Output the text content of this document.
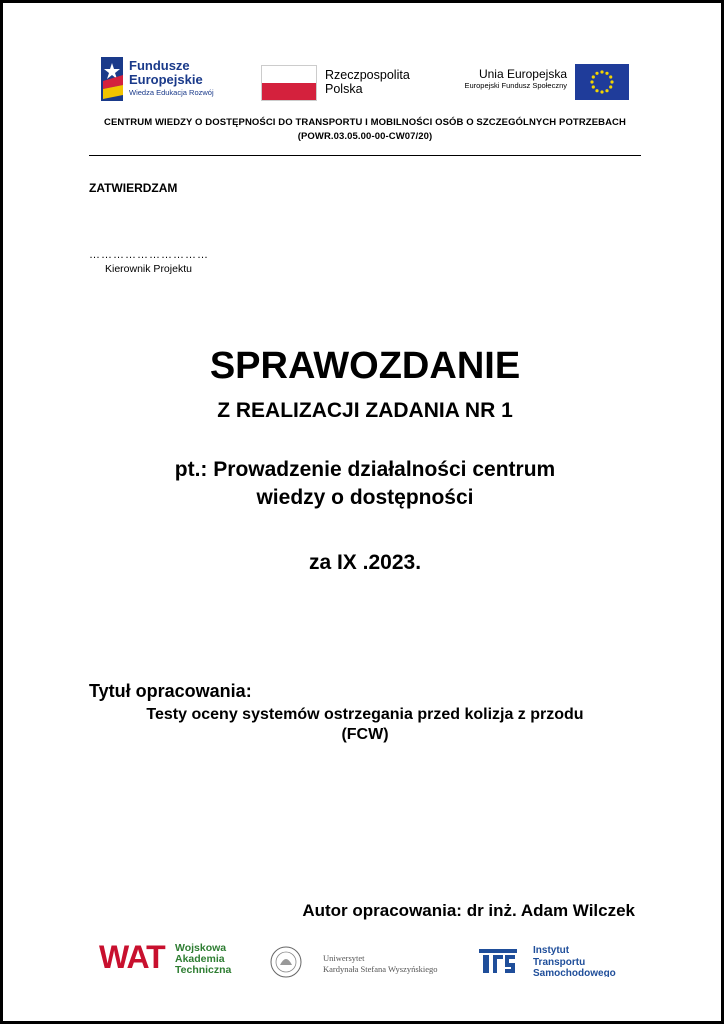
Fundusze
Europejskie
Wiedza Edukacja Rozwój
Rzeczpospolita
Polska
Unia Europejska
Europejski Fundusz Społeczny
CENTRUM WIEDZY O DOSTĘPNOŚCI DO TRANSPORTU I MOBILNOŚCI OSÓB O SZCZEGÓLNYCH POTRZEBACH
(POWR.03.05.00-00-CW07/20)
ZATWIERDZAM
…………………………
Kierownik Projektu
SPRAWOZDANIE
Z REALIZACJI ZADANIA NR 1
pt.: Prowadzenie działalności centrum
wiedzy o dostępności
za IX .2023.
Tytuł opracowania:
Testy oceny systemów ostrzegania przed kolizja z przodu
(FCW)
Autor opracowania: dr inż. Adam Wilczek
WAT Wojskowa
Akademia
Techniczna
Uniwersytet
Kardynała Stefana Wyszyńskiego
Instytut
Transportu
Samochodowego
